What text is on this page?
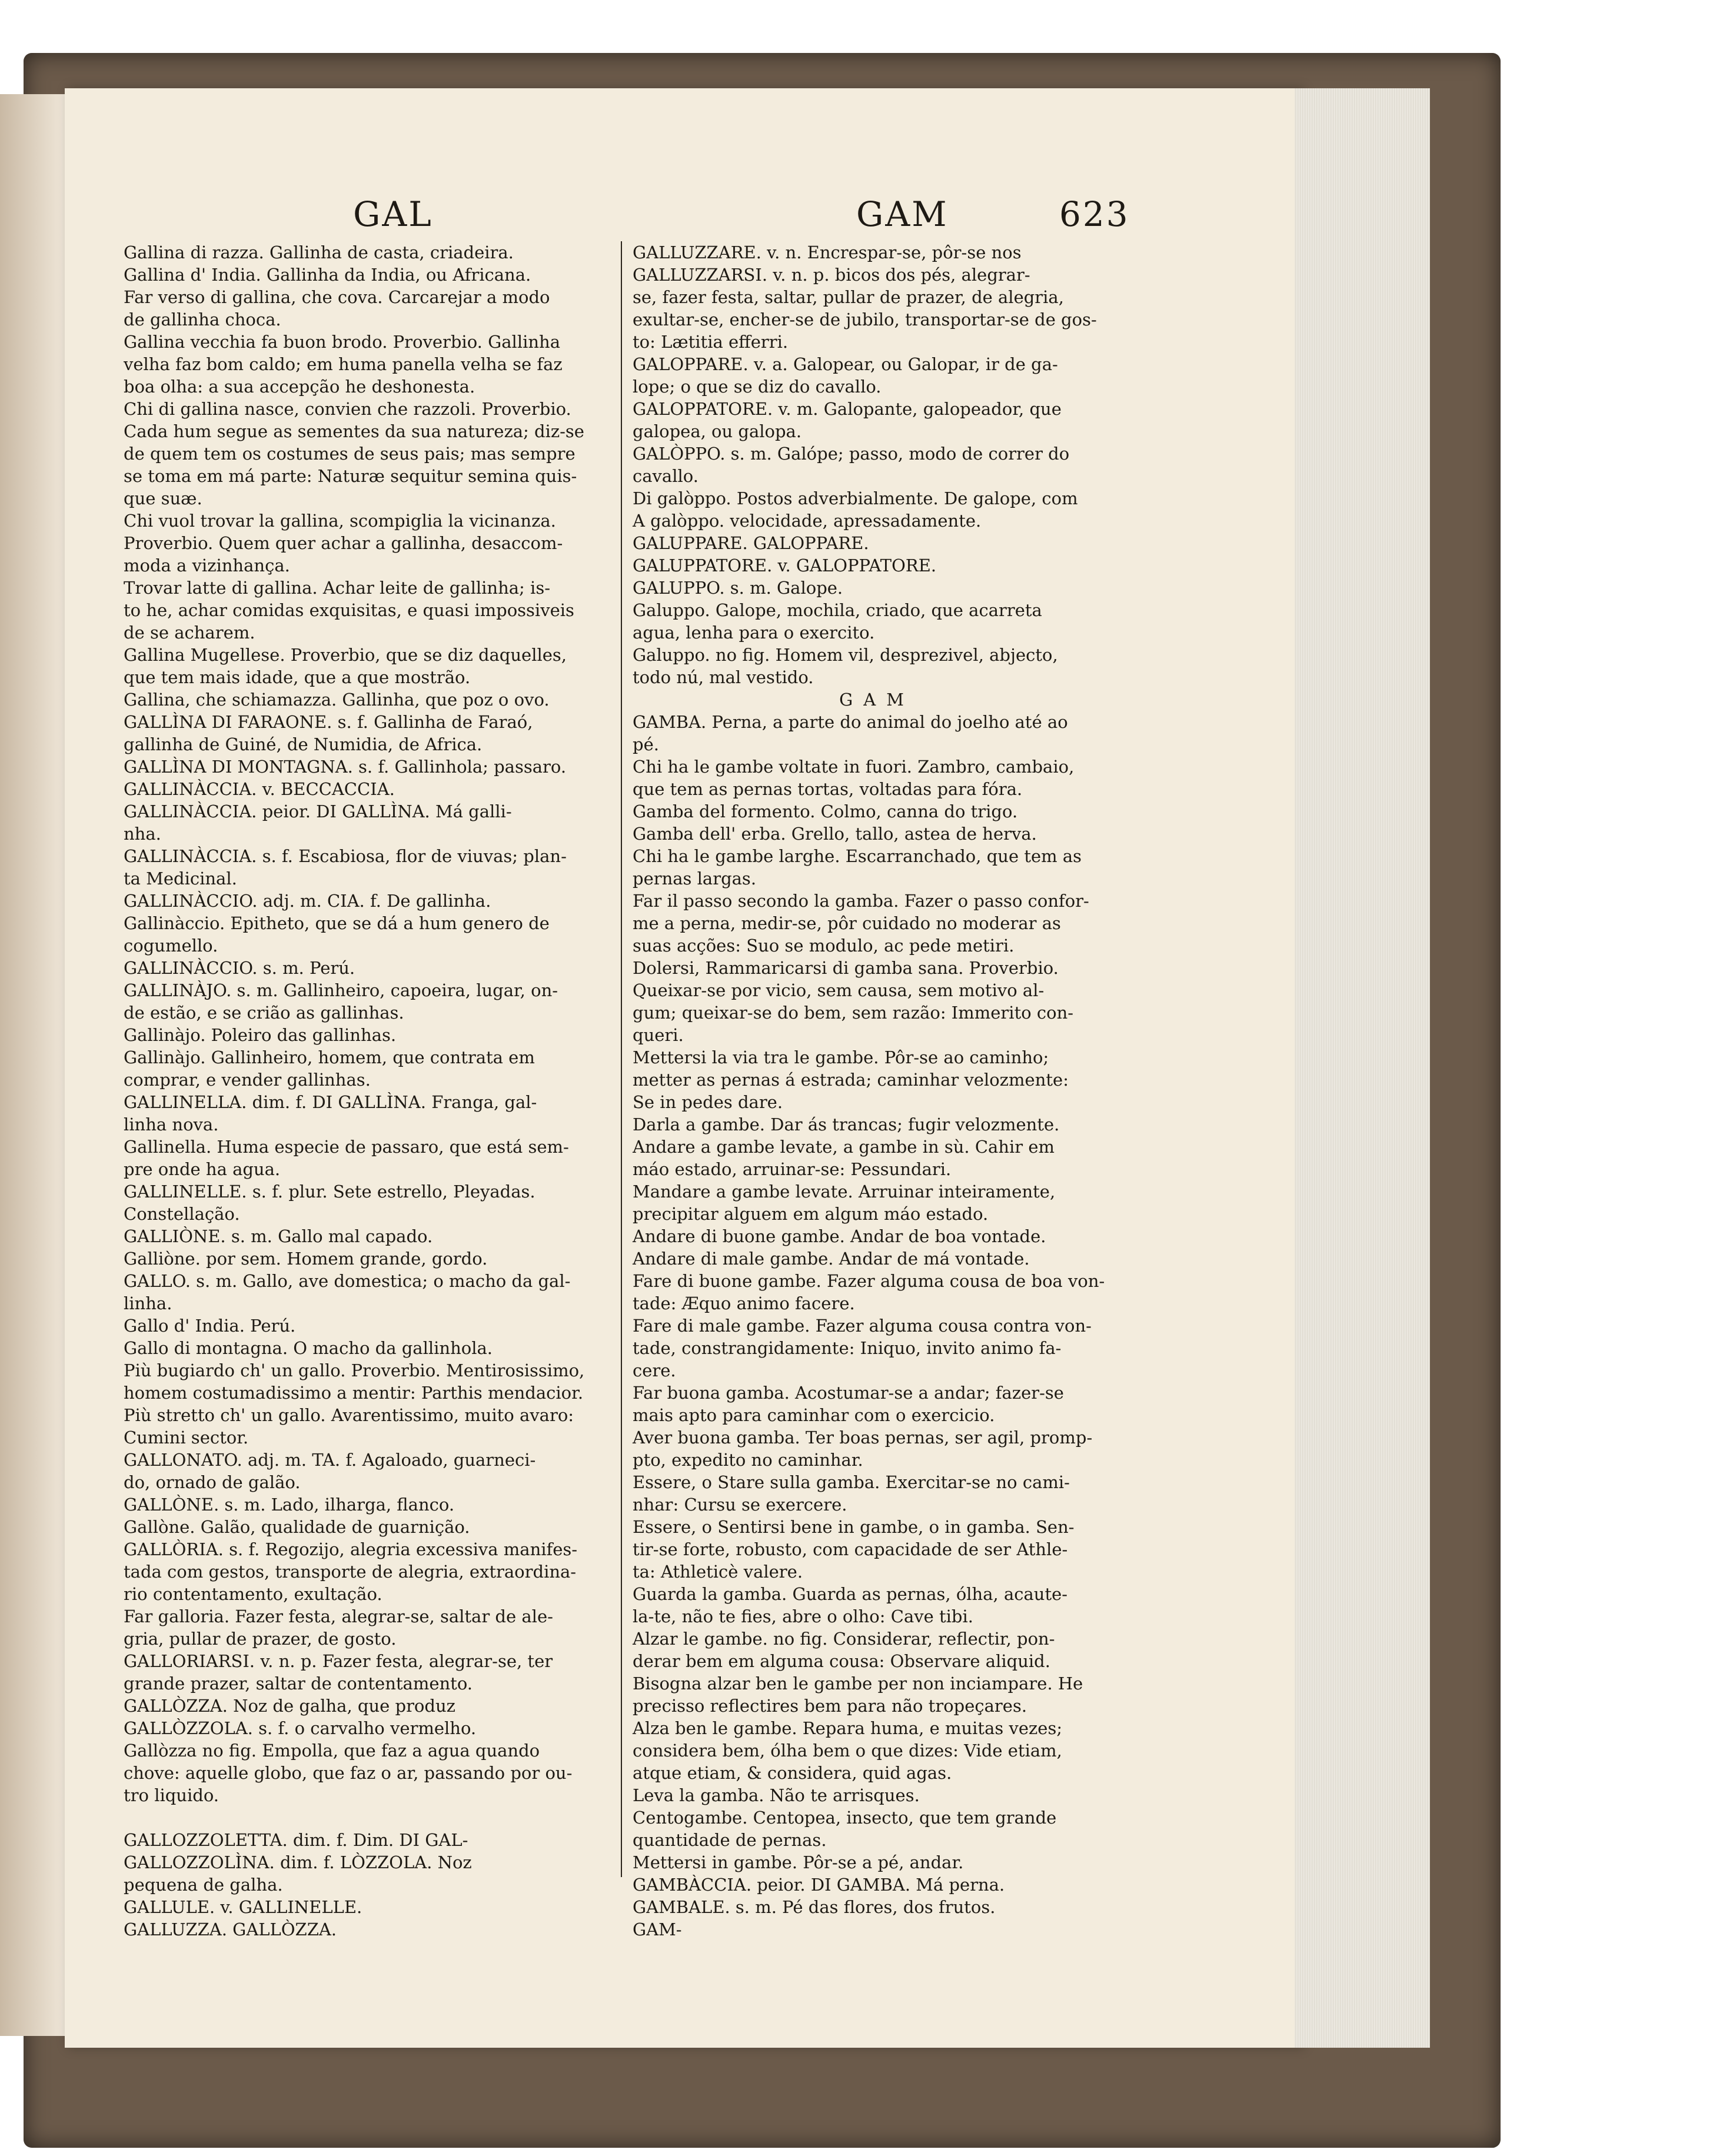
GAL	GAM	623

Gallina di razza. Gallinha de casta, criadeira.

Gallina d' India. Gallinha da India, ou Africana.

Far verso di gallina, che cova. Carcarejar a modo

de gallinha choca.

Gallina vecchia fa buon brodo. Proverbio. Gallinha

velha faz bom caldo; em huma panella velha se faz

boa olha: a sua accepção he deshonesta.

Chi di gallina nasce, convien che razzoli. Proverbio.

Cada hum segue as sementes da sua natureza; diz-se

de quem tem os costumes de seus pais; mas sempre

se toma em má parte: Naturæ sequitur semina quis-

que suæ.

Chi vuol trovar la gallina, scompiglia la vicinanza.

Proverbio. Quem quer achar a gallinha, desaccom-

moda a vizinhança.

Trovar latte di gallina. Achar leite de gallinha; is-

to he, achar comidas exquisitas, e quasi impossiveis

de se acharem.

Gallina Mugellese. Proverbio, que se diz daquelles,

que tem mais idade, que a que mostrão.

Gallina, che schiamazza. Gallinha, que poz o ovo.

GALLÌNA DI FARAONE. s. f. Gallinha de Faraó,

gallinha de Guiné, de Numidia, de Africa.

GALLÌNA DI MONTAGNA. s. f. Gallinhola; passaro.

GALLINÀCCIA. v. BECCACCIA.

GALLINÀCCIA. peior. DI GALLÌNA. Má galli-

nha.

GALLINÀCCIA. s. f. Escabiosa, flor de viuvas; plan-

ta Medicinal.

GALLINÀCCIO. adj. m. CIA. f. De gallinha.

Gallinàccio. Epitheto, que se dá a hum genero de

cogumello.

GALLINÀCCIO. s. m. Perú.

GALLINÀJO. s. m. Gallinheiro, capoeira, lugar, on-

de estão, e se crião as gallinhas.

Gallinàjo. Poleiro das gallinhas.

Gallinàjo. Gallinheiro, homem, que contrata em

comprar, e vender gallinhas.

GALLINELLA. dim. f. DI GALLÌNA. Franga, gal-

linha nova.

Gallinella. Huma especie de passaro, que está sem-

pre onde ha agua.

GALLINELLE. s. f. plur. Sete estrello, Pleyadas.

Constellação.

GALLIÒNE. s. m. Gallo mal capado.

Galliòne. por sem. Homem grande, gordo.

GALLO. s. m. Gallo, ave domestica; o macho da gal-

linha.

Gallo d' India. Perú.

Gallo di montagna. O macho da gallinhola.

Più bugiardo ch' un gallo. Proverbio. Mentirosissimo,

homem costumadissimo a mentir: Parthis mendacior.

Più stretto ch' un gallo. Avarentissimo, muito avaro:

Cumini sector.

GALLONATO. adj. m. TA. f. Agaloado, guarneci-

do, ornado de galão.

GALLÒNE. s. m. Lado, ilharga, flanco.

Gallòne. Galão, qualidade de guarnição.

GALLÒRIA. s. f. Regozijo, alegria excessiva manifes-

tada com gestos, transporte de alegria, extraordina-

rio contentamento, exultação.

Far galloria. Fazer festa, alegrar-se, saltar de ale-

gria, pullar de prazer, de gosto.

GALLORIARSI. v. n. p. Fazer festa, alegrar-se, ter

grande prazer, saltar de contentamento.

GALLÒZZA. Noz de galha, que produz

GALLÒZZOLA. s. f. o carvalho vermelho.

Gallòzza no fig. Empolla, que faz a agua quando

chove: aquelle globo, que faz o ar, passando por ou-

tro liquido.

GALLOZZOLETTA. dim. f. Dim. DI GAL-

GALLOZZOLÌNA. dim. f. LÒZZOLA. Noz

pequena de galha.

GALLULE. v. GALLINELLE.

GALLUZZA. GALLÒZZA.

GALLUZZARE. v. n. Encrespar-se, pôr-se nos

GALLUZZARSI. v. n. p. bicos dos pés, alegrar-

se, fazer festa, saltar, pullar de prazer, de alegria,

exultar-se, encher-se de jubilo, transportar-se de gos-

to: Lætitia efferri.

GALOPPARE. v. a. Galopear, ou Galopar, ir de ga-

lope; o que se diz do cavallo.

GALOPPATORE. v. m. Galopante, galopeador, que

galopea, ou galopa.

GALÒPPO. s. m. Galópe; passo, modo de correr do

cavallo.

Di galòppo. Postos adverbialmente. De galope, com

A galòppo. velocidade, apressadamente.

GALUPPARE. GALOPPARE.

GALUPPATORE. v. GALOPPATORE.

GALUPPO. s. m. Galope.

Galuppo. Galope, mochila, criado, que acarreta

agua, lenha para o exercito.

Galuppo. no fig. Homem vil, desprezivel, abjecto,

todo nú, mal vestido.

GAM

GAMBA. Perna, a parte do animal do joelho até ao

pé.

Chi ha le gambe voltate in fuori. Zambro, cambaio,

que tem as pernas tortas, voltadas para fóra.

Gamba del formento. Colmo, canna do trigo.

Gamba dell' erba. Grello, tallo, astea de herva.

Chi ha le gambe larghe. Escarranchado, que tem as

pernas largas.

Far il passo secondo la gamba. Fazer o passo confor-

me a perna, medir-se, pôr cuidado no moderar as

suas acções: Suo se modulo, ac pede metiri.

Dolersi, Rammaricarsi di gamba sana. Proverbio.

Queixar-se por vicio, sem causa, sem motivo al-

gum; queixar-se do bem, sem razão: Immerito con-

queri.

Mettersi la via tra le gambe. Pôr-se ao caminho;

metter as pernas á estrada; caminhar velozmente:

Se in pedes dare.

Darla a gambe. Dar ás trancas; fugir velozmente.

Andare a gambe levate, a gambe in sù. Cahir em

máo estado, arruinar-se: Pessundari.

Mandare a gambe levate. Arruinar inteiramente,

precipitar alguem em algum máo estado.

Andare di buone gambe. Andar de boa vontade.

Andare di male gambe. Andar de má vontade.

Fare di buone gambe. Fazer alguma cousa de boa von-

tade: Æquo animo facere.

Fare di male gambe. Fazer alguma cousa contra von-

tade, constrangidamente: Iniquo, invito animo fa-

cere.

Far buona gamba. Acostumar-se a andar; fazer-se

mais apto para caminhar com o exercicio.

Aver buona gamba. Ter boas pernas, ser agil, promp-

pto, expedito no caminhar.

Essere, o Stare sulla gamba. Exercitar-se no cami-

nhar: Cursu se exercere.

Essere, o Sentirsi bene in gambe, o in gamba. Sen-

tir-se forte, robusto, com capacidade de ser Athle-

ta: Athleticè valere.

Guarda la gamba. Guarda as pernas, ólha, acaute-

la-te, não te fies, abre o olho: Cave tibi.

Alzar le gambe. no fig. Considerar, reflectir, pon-

derar bem em alguma cousa: Observare aliquid.

Bisogna alzar ben le gambe per non inciampare. He

precisso reflectires bem para não tropeçares.

Alza ben le gambe. Repara huma, e muitas vezes;

considera bem, ólha bem o que dizes: Vide etiam,

atque etiam, & considera, quid agas.

Leva la gamba. Não te arrisques.

Centogambe. Centopea, insecto, que tem grande

quantidade de pernas.

Mettersi in gambe. Pôr-se a pé, andar.

GAMBÀCCIA. peior. DI GAMBA. Má perna.

GAMBALE. s. m. Pé das flores, dos frutos.

GAM-
